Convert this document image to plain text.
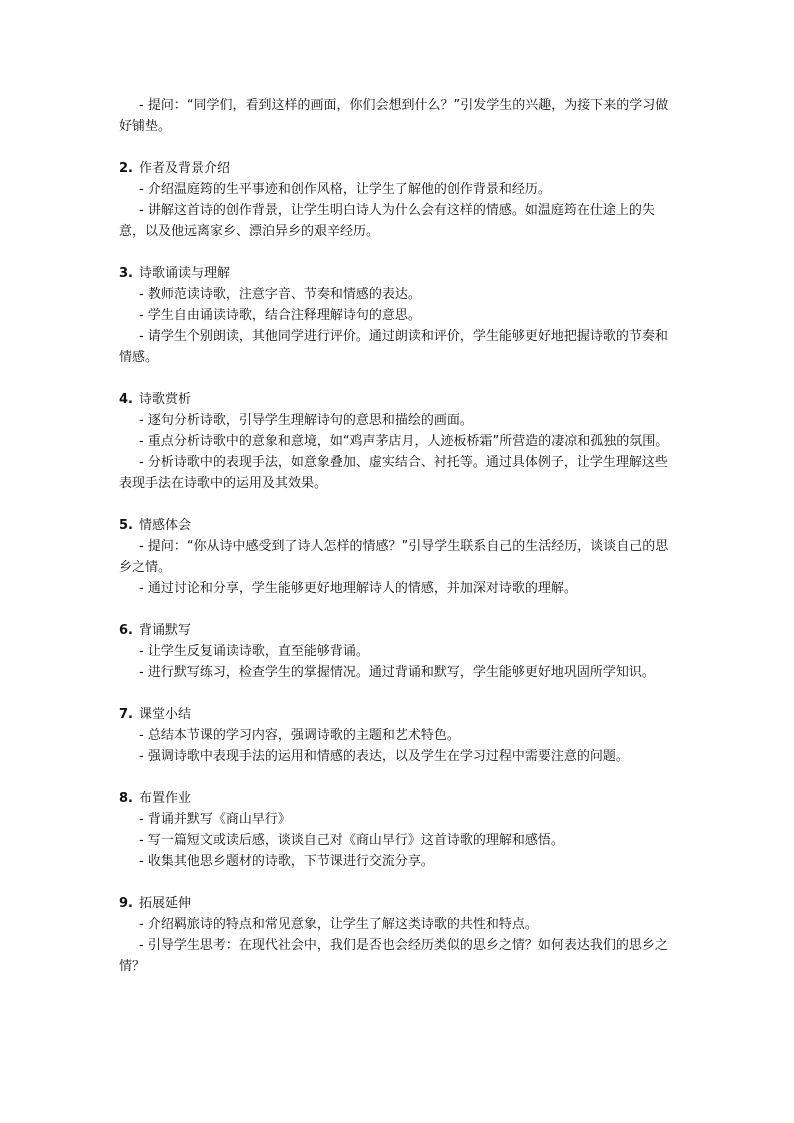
- 提问：“同学们，看到这样的画面，你们会想到什么？”引发学生的兴趣，为接下来的学习做好铺垫。

2. 作者及背景介绍

- 介绍温庭筠的生平事迹和创作风格，让学生了解他的创作背景和经历。

- 讲解这首诗的创作背景，让学生明白诗人为什么会有这样的情感。如温庭筠在仕途上的失意，以及他远离家乡、漂泊异乡的艰辛经历。

3. 诗歌诵读与理解

- 教师范读诗歌，注意字音、节奏和情感的表达。

- 学生自由诵读诗歌，结合注释理解诗句的意思。

- 请学生个别朗读，其他同学进行评价。通过朗读和评价，学生能够更好地把握诗歌的节奏和情感。

4. 诗歌赏析

- 逐句分析诗歌，引导学生理解诗句的意思和描绘的画面。

- 重点分析诗歌中的意象和意境，如“鸡声茅店月，人迹板桥霜”所营造的凄凉和孤独的氛围。

- 分析诗歌中的表现手法，如意象叠加、虚实结合、衬托等。通过具体例子，让学生理解这些表现手法在诗歌中的运用及其效果。

5. 情感体会

- 提问：“你从诗中感受到了诗人怎样的情感？”引导学生联系自己的生活经历，谈谈自己的思乡之情。

- 通过讨论和分享，学生能够更好地理解诗人的情感，并加深对诗歌的理解。

6. 背诵默写

- 让学生反复诵读诗歌，直至能够背诵。

- 进行默写练习，检查学生的掌握情况。通过背诵和默写，学生能够更好地巩固所学知识。

7. 课堂小结

- 总结本节课的学习内容，强调诗歌的主题和艺术特色。

- 强调诗歌中表现手法的运用和情感的表达，以及学生在学习过程中需要注意的问题。

8. 布置作业

- 背诵并默写《商山早行》

- 写一篇短文或读后感，谈谈自己对《商山早行》这首诗歌的理解和感悟。

- 收集其他思乡题材的诗歌，下节课进行交流分享。

9. 拓展延伸

- 介绍羁旅诗的特点和常见意象，让学生了解这类诗歌的共性和特点。

- 引导学生思考：在现代社会中，我们是否也会经历类似的思乡之情？如何表达我们的思乡之情？
